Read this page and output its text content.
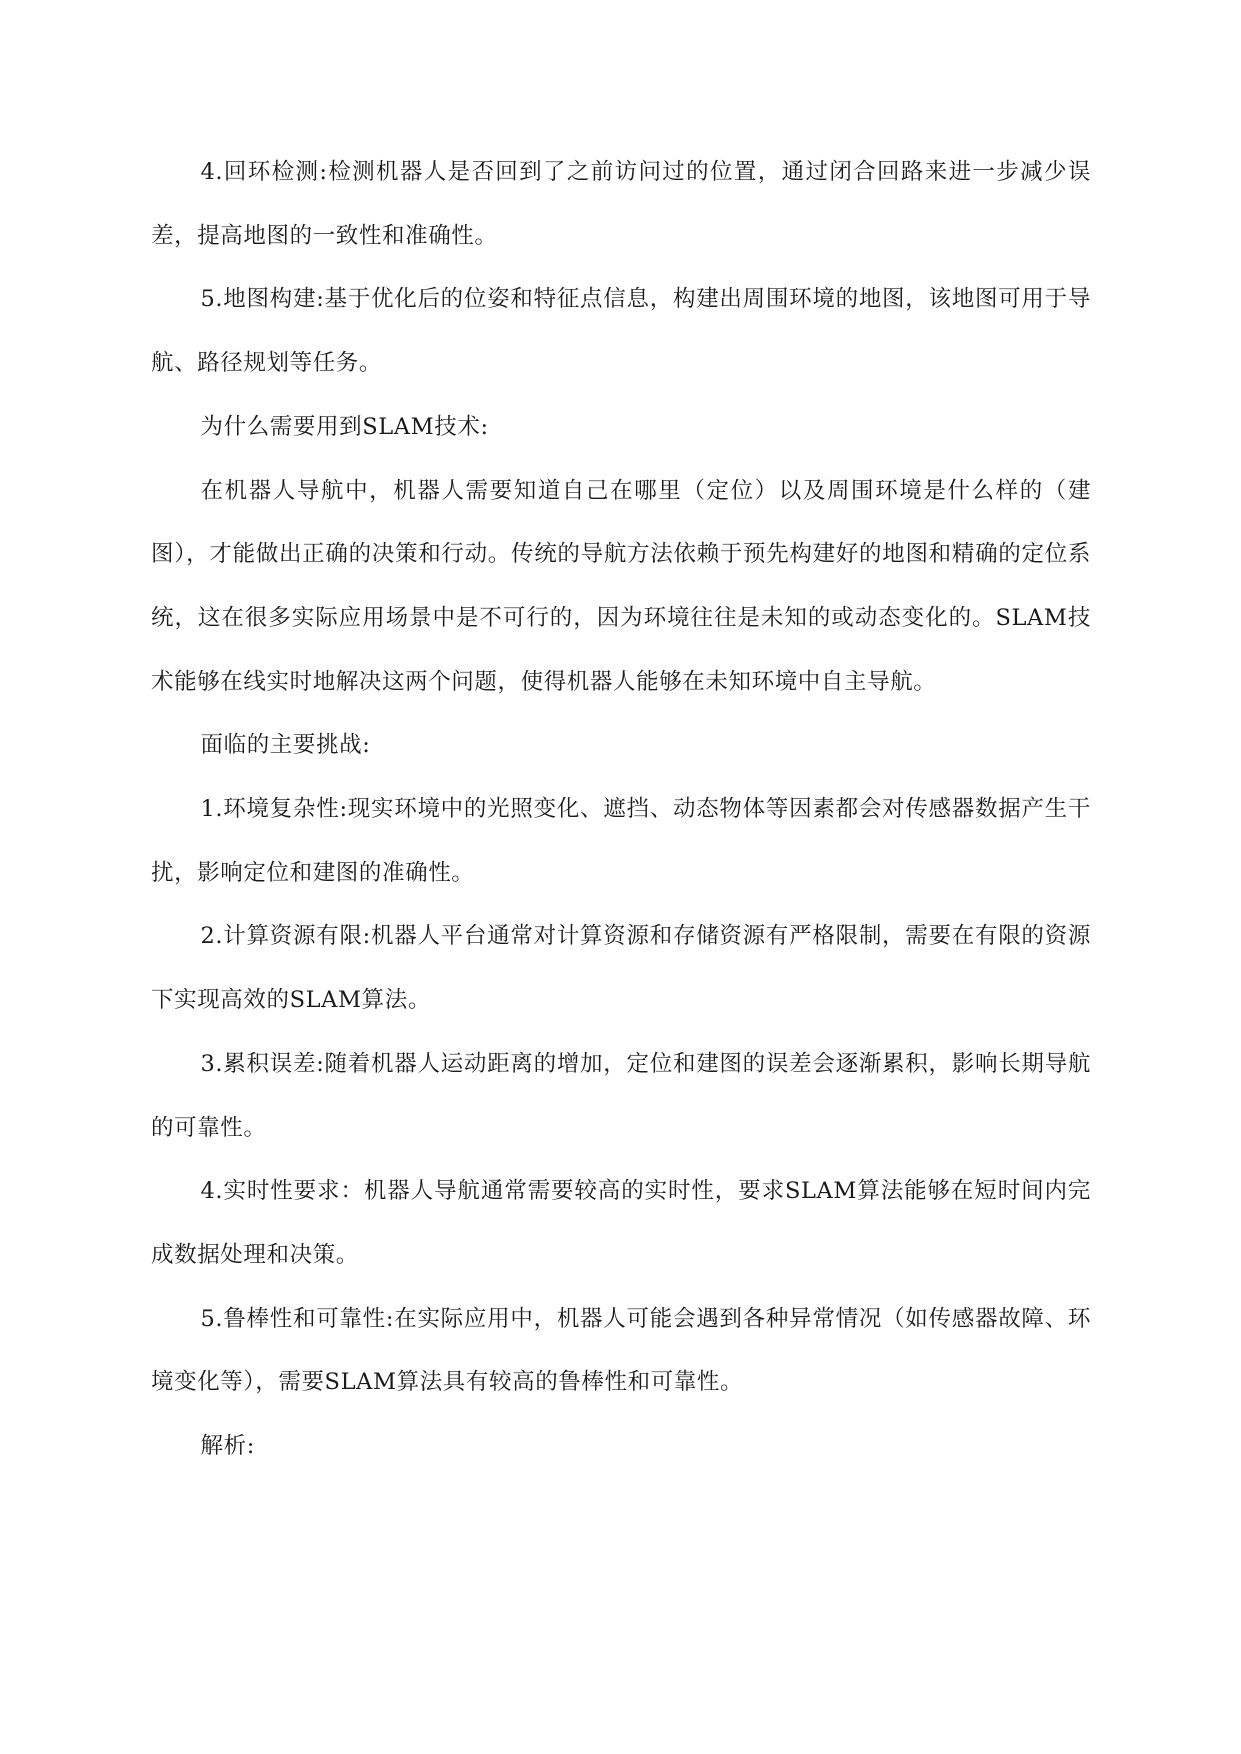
4.回环检测:检测机器人是否回到了之前访问过的位置，通过闭合回路来进一步减少误差，提高地图的一致性和准确性。

5.地图构建:基于优化后的位姿和特征点信息，构建出周围环境的地图，该地图可用于导航、路径规划等任务。

为什么需要用到SLAM技术:

在机器人导航中，机器人需要知道自己在哪里（定位）以及周围环境是什么样的（建图），才能做出正确的决策和行动。传统的导航方法依赖于预先构建好的地图和精确的定位系统，这在很多实际应用场景中是不可行的，因为环境往往是未知的或动态变化的。SLAM技术能够在线实时地解决这两个问题，使得机器人能够在未知环境中自主导航。

面临的主要挑战:

1.环境复杂性:现实环境中的光照变化、遮挡、动态物体等因素都会对传感器数据产生干扰，影响定位和建图的准确性。

2.计算资源有限:机器人平台通常对计算资源和存储资源有严格限制，需要在有限的资源下实现高效的SLAM算法。

3.累积误差:随着机器人运动距离的增加，定位和建图的误差会逐渐累积，影响长期导航的可靠性。

4.实时性要求：机器人导航通常需要较高的实时性，要求SLAM算法能够在短时间内完成数据处理和决策。

5.鲁棒性和可靠性:在实际应用中，机器人可能会遇到各种异常情况（如传感器故障、环境变化等），需要SLAM算法具有较高的鲁棒性和可靠性。

解析:
